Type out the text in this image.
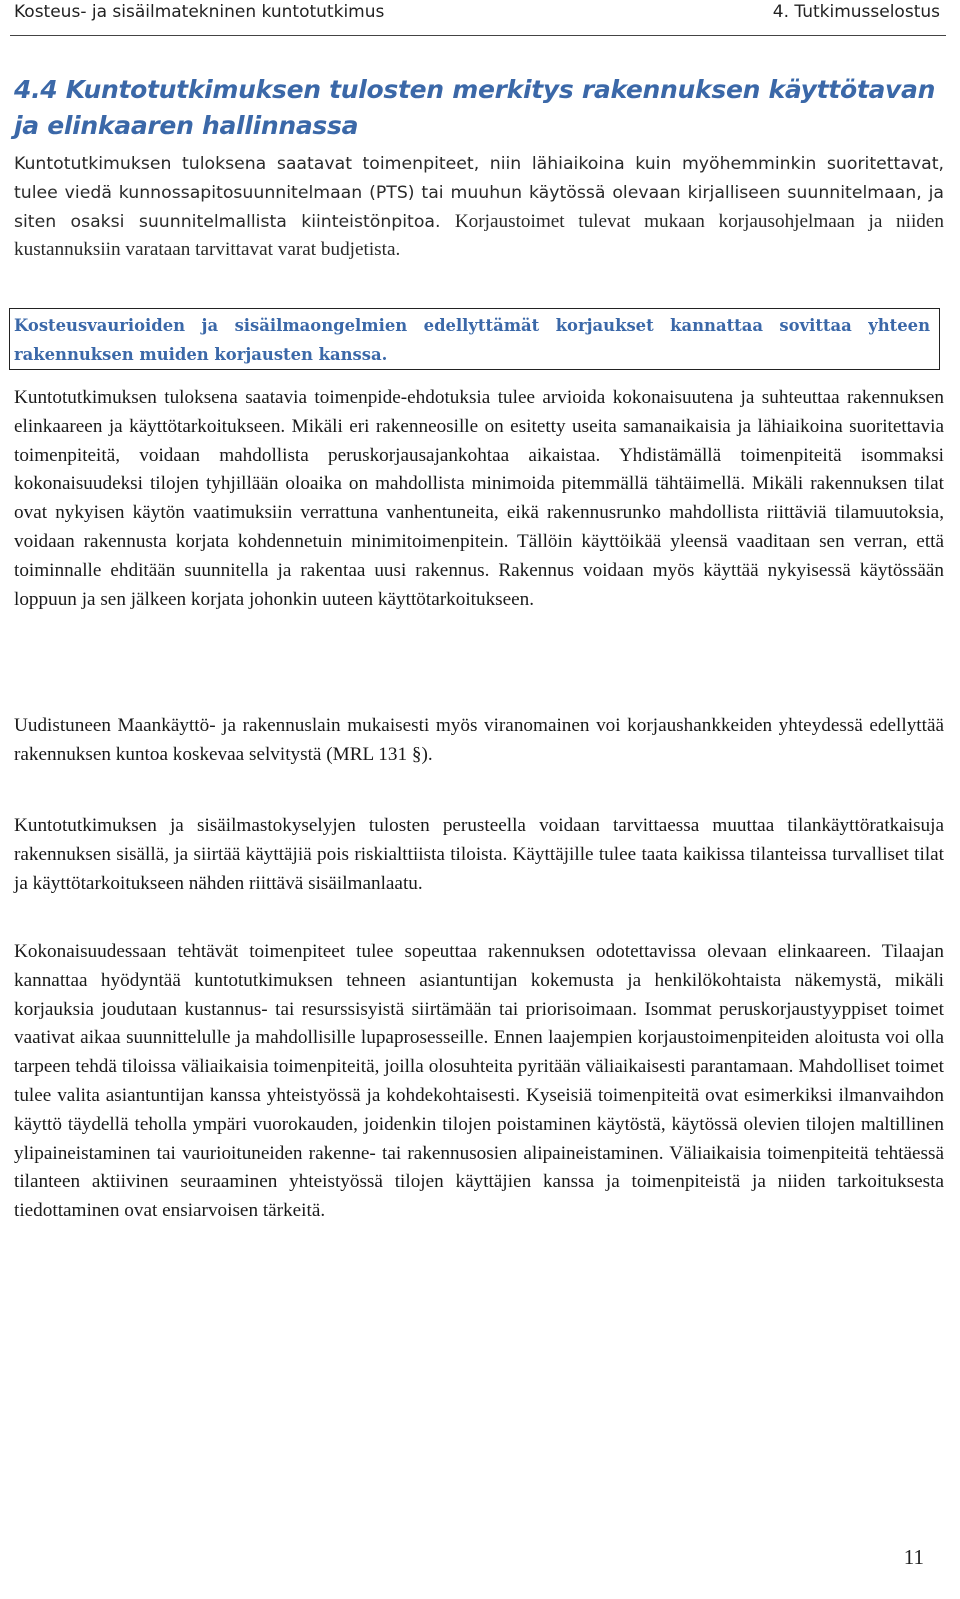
Kosteus- ja sisäilmatekninen kuntotutkimus	4. Tutkimusselostus
4.4 Kuntotutkimuksen tulosten merkitys rakennuksen käyttötavan ja elinkaaren hallinnassa

Kuntotutkimuksen tuloksena saatavat toimenpiteet, niin lähiaikoina kuin myöhemminkin suoritettavat, tulee viedä kunnossapitosuunnitelmaan (PTS) tai muuhun käytössä olevaan kirjalliseen suunnitelmaan, ja siten osaksi suunnitelmallista kiinteistönpitoa. Korjaustoimet tulevat mukaan korjausohjelmaan ja niiden kustannuksiin varataan tarvittavat varat budjetista.

Kosteusvaurioiden ja sisäilmaongelmien edellyttämät korjaukset kannattaa sovittaa yhteen rakennuksen muiden korjausten kanssa.

Kuntotutkimuksen tuloksena saatavia toimenpide-ehdotuksia tulee arvioida kokonaisuutena ja suhteuttaa rakennuksen elinkaareen ja käyttötarkoitukseen. Mikäli eri rakenneosille on esitetty useita samanaikaisia ja lähiaikoina suoritettavia toimenpiteitä, voidaan mahdollista peruskorjausajankohtaa aikaistaa. Yhdistämällä toimenpiteitä isommaksi kokonaisuudeksi tilojen tyhjillään oloaika on mahdollista minimoida pitemmällä tähtäimellä. Mikäli rakennuksen tilat ovat nykyisen käytön vaatimuksiin verrattuna vanhentuneita, eikä rakennusrunko mahdollista riittäviä tilamuutoksia, voidaan rakennusta korjata kohdennetuin minimitoimenpitein. Tällöin käyttöikää yleensä vaaditaan sen verran, että toiminnalle ehditään suunnitella ja rakentaa uusi rakennus. Rakennus voidaan myös käyttää nykyisessä käytössään loppuun ja sen jälkeen korjata johonkin uuteen käyttötarkoitukseen.

Uudistuneen Maankäyttö- ja rakennuslain mukaisesti myös viranomainen voi korjaushankkeiden yhteydessä edellyttää rakennuksen kuntoa koskevaa selvitystä (MRL 131 §).

Kuntotutkimuksen ja sisäilmastokyselyjen tulosten perusteella voidaan tarvittaessa muuttaa tilankäyttöratkaisuja rakennuksen sisällä, ja siirtää käyttäjiä pois riskialttiista tiloista. Käyttäjille tulee taata kaikissa tilanteissa turvalliset tilat ja käyttötarkoitukseen nähden riittävä sisäilmanlaatu.

Kokonaisuudessaan tehtävät toimenpiteet tulee sopeuttaa rakennuksen odotettavissa olevaan elinkaareen. Tilaajan kannattaa hyödyntää kuntotutkimuksen tehneen asiantuntijan kokemusta ja henkilökohtaista näkemystä, mikäli korjauksia joudutaan kustannus- tai resurssisyistä siirtämään tai priorisoimaan. Isommat peruskorjaustyyppiset toimet vaativat aikaa suunnittelulle ja mahdollisille lupaprosesseille. Ennen laajempien korjaustoimenpiteiden aloitusta voi olla tarpeen tehdä tiloissa väliaikaisia toimenpiteitä, joilla olosuhteita pyritään väliaikaisesti parantamaan. Mahdolliset toimet tulee valita asiantuntijan kanssa yhteistyössä ja kohdekohtaisesti. Kyseisiä toimenpiteitä ovat esimerkiksi ilmanvaihdon käyttö täydellä teholla ympäri vuorokauden, joidenkin tilojen poistaminen käytöstä, käytössä olevien tilojen maltillinen ylipaineistaminen tai vaurioituneiden rakenne- tai rakennusosien alipaineistaminen. Väliaikaisia toimenpiteitä tehtäessä tilanteen aktiivinen seuraaminen yhteistyössä tilojen käyttäjien kanssa ja toimenpiteistä ja niiden tarkoituksesta tiedottaminen ovat ensiarvoisen tärkeitä.

11
